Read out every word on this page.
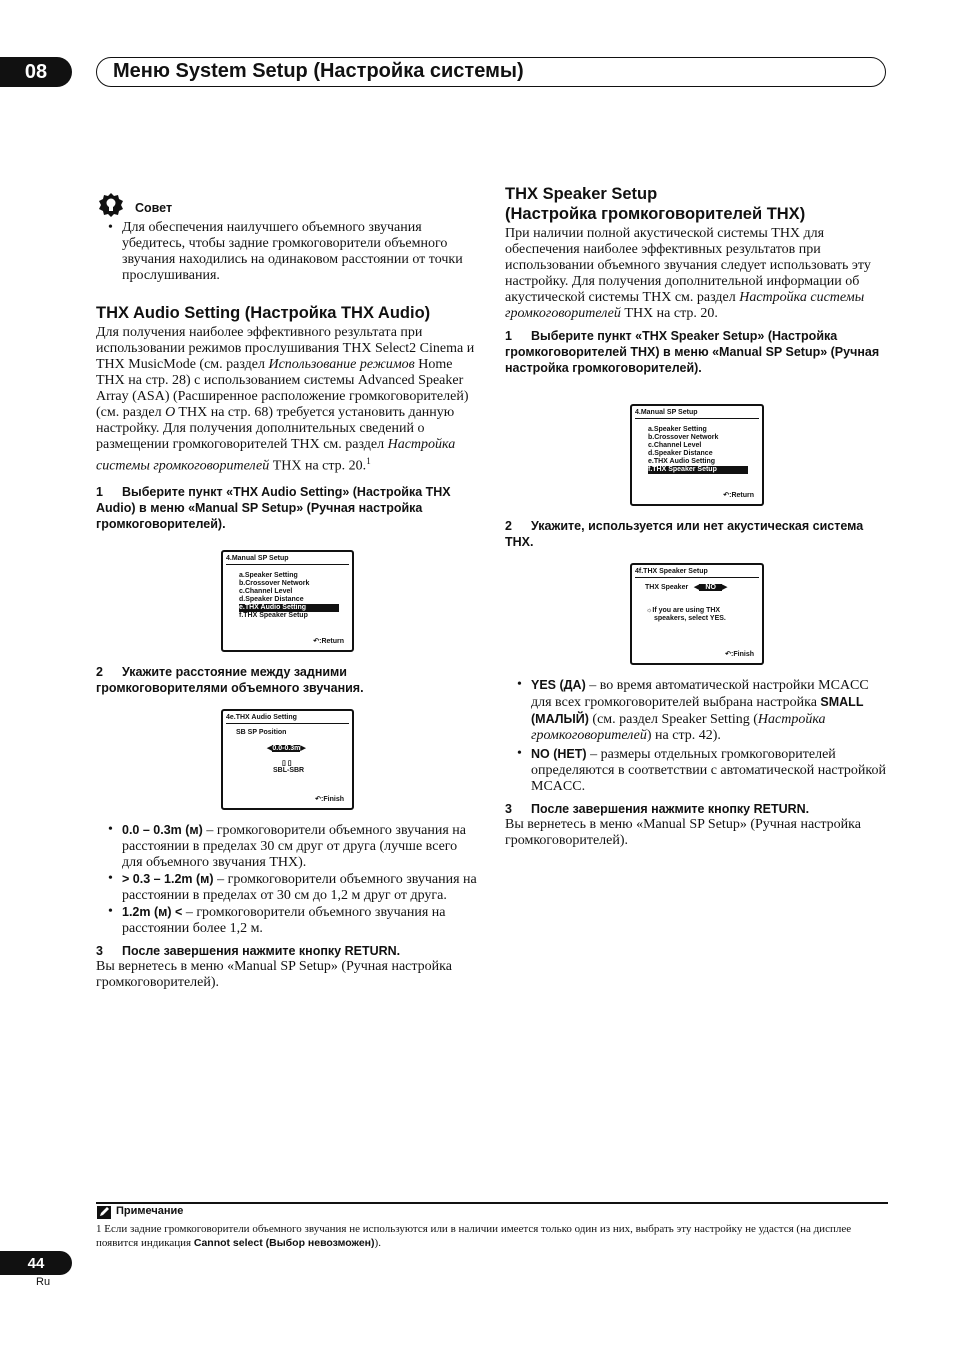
08	Меню System Setup (Настройка системы)
Совет

• Для обеспечения наилучшего объемного звучания убедитесь, чтобы задние громкоговорители объемного звучания находились на одинаковом расстоянии от точки прослушивания.

THX Audio Setting (Настройка THX Audio)

Для получения наиболее эффективного результата при использовании режимов прослушивания THX Select2 Cinema и THX MusicMode (см. раздел Использование режимов Home THX на стр. 28) с использованием системы Advanced Speaker Array (ASA) (Расширенное расположение громкоговорителей) (см. раздел O THX на стр. 68) требуется установить данную настройку. Для получения дополнительных сведений о размещении громкоговорителей THX см. раздел Настройка системы громкоговорителей THX на стр. 20.$^1$

1 Выберите пункт «THX Audio Setting» (Настройка THX Audio) в меню «Manual SP Setup» (Ручная настройка громкоговорителей).

4.Manual SP Setup
a.Speaker Setting
b.Crossover Network
c.Channel Level
d.Speaker Distance
e.THX Audio Setting
f.THX Speaker Setup
↶:Return

2 Укажите расстояние между задними громкоговорителями объемного звучания.

4e.THX Audio Setting
SB SP Position
◀0.0-0.3m▶
▯ ▯
SBL-SBR
↶:Finish

• 0.0 – 0.3m (м) – громкоговорители объемного звучания на расстоянии в пределах 30 см друг от друга (лучше всего для объемного звучания THX).

• > 0.3 – 1.2m (м) – громкоговорители объемного звучания на расстоянии в пределах от 30 см до 1,2 м друг от друга.

• 1.2m (м) < – громкоговорители объемного звучания на расстоянии более 1,2 м.

3 После завершения нажмите кнопку RETURN.

Вы вернетесь в меню «Manual SP Setup» (Ручная настройка громкоговорителей).

THX Speaker Setup

(Настройка громкоговорителей THX)

При наличии полной акустической системы THX для обеспечения наиболее эффективных результатов при использовании объемного звучания следует использовать эту настройку. Для получения дополнительной информации об акустической системы THX см. раздел Настройка системы громкоговорителей THX на стр. 20.

1 Выберите пункт «THX Speaker Setup» (Настройка громкоговорителей THX) в меню «Manual SP Setup» (Ручная настройка громкоговорителей).

4.Manual SP Setup
a.Speaker Setting
b.Crossover Network
c.Channel Level
d.Speaker Distance
e.THX Audio Setting
f.THX Speaker Setup
↶:Return

2 Укажите, используется или нет акустическая система THX.

4f.THX Speaker Setup
THX Speaker ◀ NO ▶
☼If you are using THX
speakers, select YES.
↶:Finish

• YES (ДА) – во время автоматической настройки MCACC для всех громкоговорителей выбрана настройка SMALL (МАЛЫЙ) (см. раздел Speaker Setting (Настройка громкоговорителей) на стр. 42).

• NO (НЕТ) – размеры отдельных громкоговорителей определяются в соответствии с автоматической настройкой MCACC.

3 После завершения нажмите кнопку RETURN.

Вы вернетесь в меню «Manual SP Setup» (Ручная настройка громкоговорителей).

Примечание
1 Если задние громкоговорители объемного звучания не используются или в наличии имеется только один из них, выбрать эту настройку не удастся (на дисплее появится индикация Cannot select (Выбор невозможен)).
44
Ru
